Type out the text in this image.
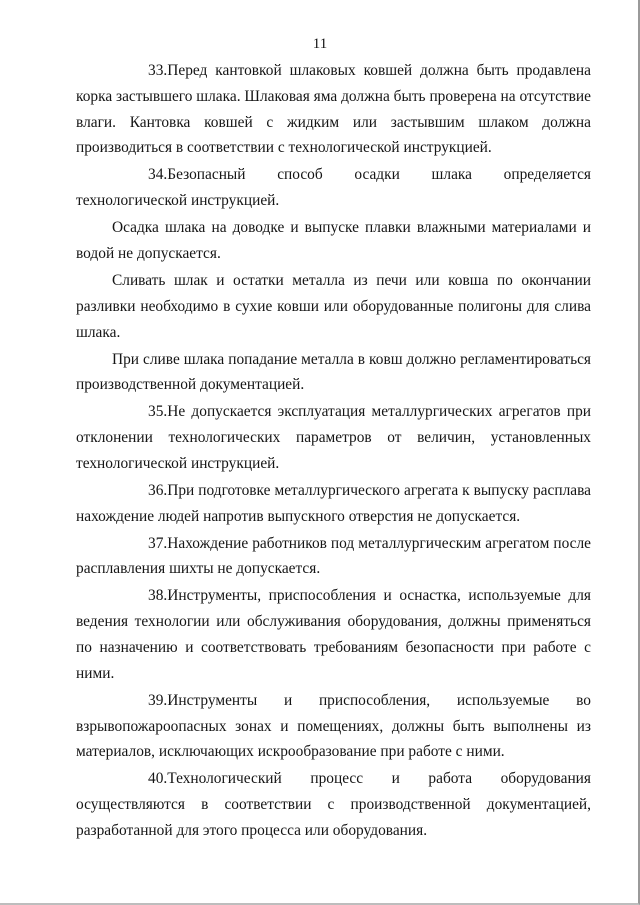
11

33.Перед кантовкой шлаковых ковшей должна быть продавлена корка застывшего шлака. Шлаковая яма должна быть проверена на отсутствие влаги. Кантовка ковшей с жидким или застывшим шлаком должна производиться в соответствии с технологической инструкцией.

34.Безопасный способ осадки шлака определяется технологической инструкцией.

Осадка шлака на доводке и выпуске плавки влажными материалами и водой не допускается.

Сливать шлак и остатки металла из печи или ковша по окончании разливки необходимо в сухие ковши или оборудованные полигоны для слива шлака.

При сливе шлака попадание металла в ковш должно регламентироваться производственной документацией.

35.Не допускается эксплуатация металлургических агрегатов при отклонении технологических параметров от величин, установленных технологической инструкцией.

36.При подготовке металлургического агрегата к выпуску расплава нахождение людей напротив выпускного отверстия не допускается.

37.Нахождение работников под металлургическим агрегатом после расплавления шихты не допускается.

38.Инструменты, приспособления и оснастка, используемые для ведения технологии или обслуживания оборудования, должны применяться по назначению и соответствовать требованиям безопасности при работе с ними.

39.Инструменты и приспособления, используемые во взрывопожароопасных зонах и помещениях, должны быть выполнены из материалов, исключающих искрообразование при работе с ними.

40.Технологический процесс и работа оборудования осуществляются в соответствии с производственной документацией, разработанной для этого процесса или оборудования.
